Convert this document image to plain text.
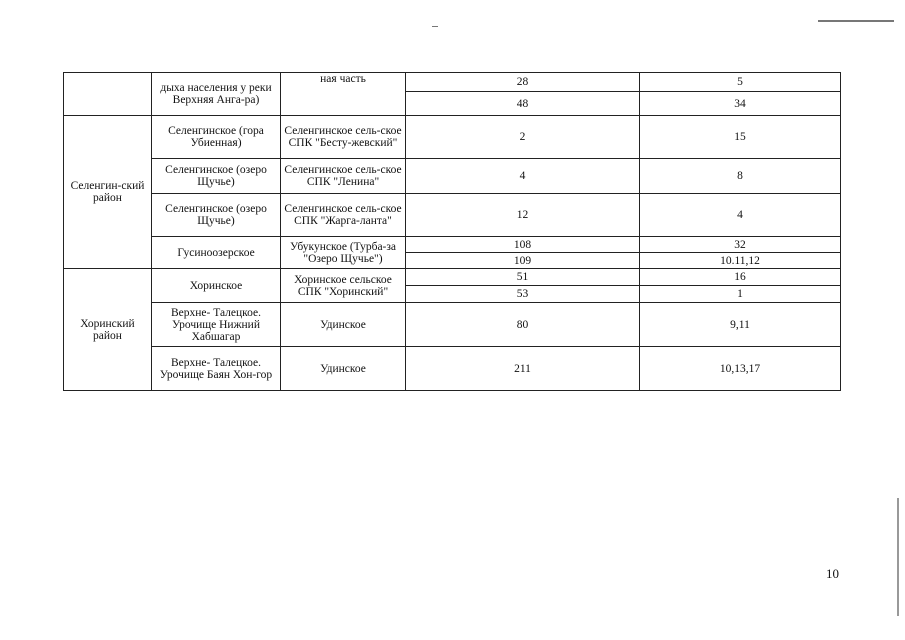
	дыха населения у реки Верхняя Анга-ра)	ная часть	28	5
			48	34
Селенгин-ский район	Селенгинское (гора Убиенная)	Селенгинское сель-ское СПК "Бесту-жевский"	2	15
	Селенгинское (озеро Щучье)	Селенгинское сель-ское СПК "Ленина"	4	8
	Селенгинское (озеро Щучье)	Селенгинское сель-ское СПК "Жарга-ланта"	12	4
	Гусиноозерское	Убукунское (Турба-за "Озеро Щучье")	108	32
			109	10.11,12
Хоринский район	Хоринское	Хоринское сельское СПК "Хоринский"	51	16
			53	1
	Верхне- Талецкое. Урочище Нижний Хабшагар	Удинское	80	9,11
	Верхне- Талецкое. Урочище Баян Хон-гор	Удинское	211	10,13,17
10
